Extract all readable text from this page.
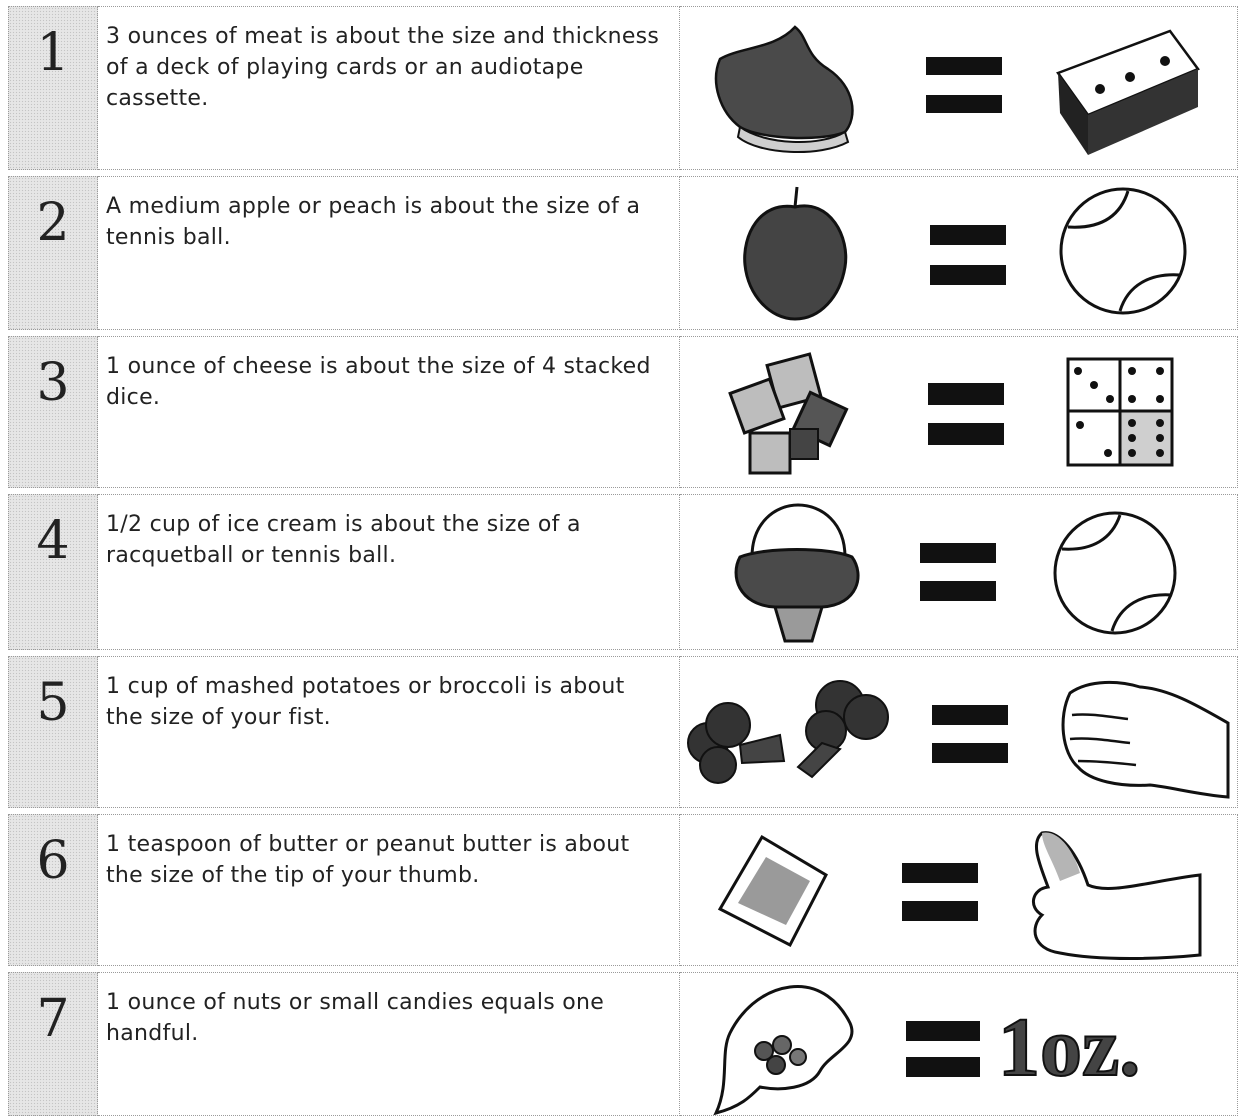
1	3 ounces of meat is about the size and thickness of a deck of playing cards or an audiotape cassette.
2	A medium apple or peach is about the size of a tennis ball.
3	1 ounce of cheese is about the size of 4 stacked dice.
4	1/2 cup of ice cream is about the size of a racquetball or tennis ball.
5	1 cup of mashed potatoes or broccoli is about the size of your fist.
6	1 teaspoon of butter or peanut butter is about the size of the tip of your thumb.
7	1 ounce of nuts or small candies equals one handful.	1oz.
